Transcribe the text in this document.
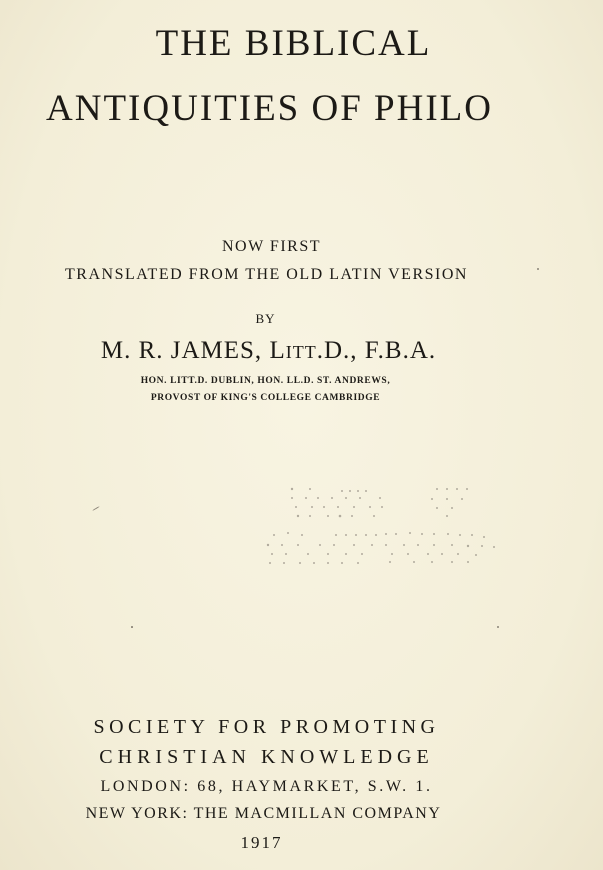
THE BIBLICAL
ANTIQUITIES OF PHILO
NOW FIRST
TRANSLATED FROM THE OLD LATIN VERSION
BY
M. R. JAMES, LITT.D., F.B.A.
HON. LITT.D. DUBLIN, HON. LL.D. ST. ANDREWS,
PROVOST OF KING'S COLLEGE CAMBRIDGE
SOCIETY FOR PROMOTING
CHRISTIAN KNOWLEDGE
LONDON: 68, HAYMARKET, S.W. 1.
NEW YORK: THE MACMILLAN COMPANY
1917
